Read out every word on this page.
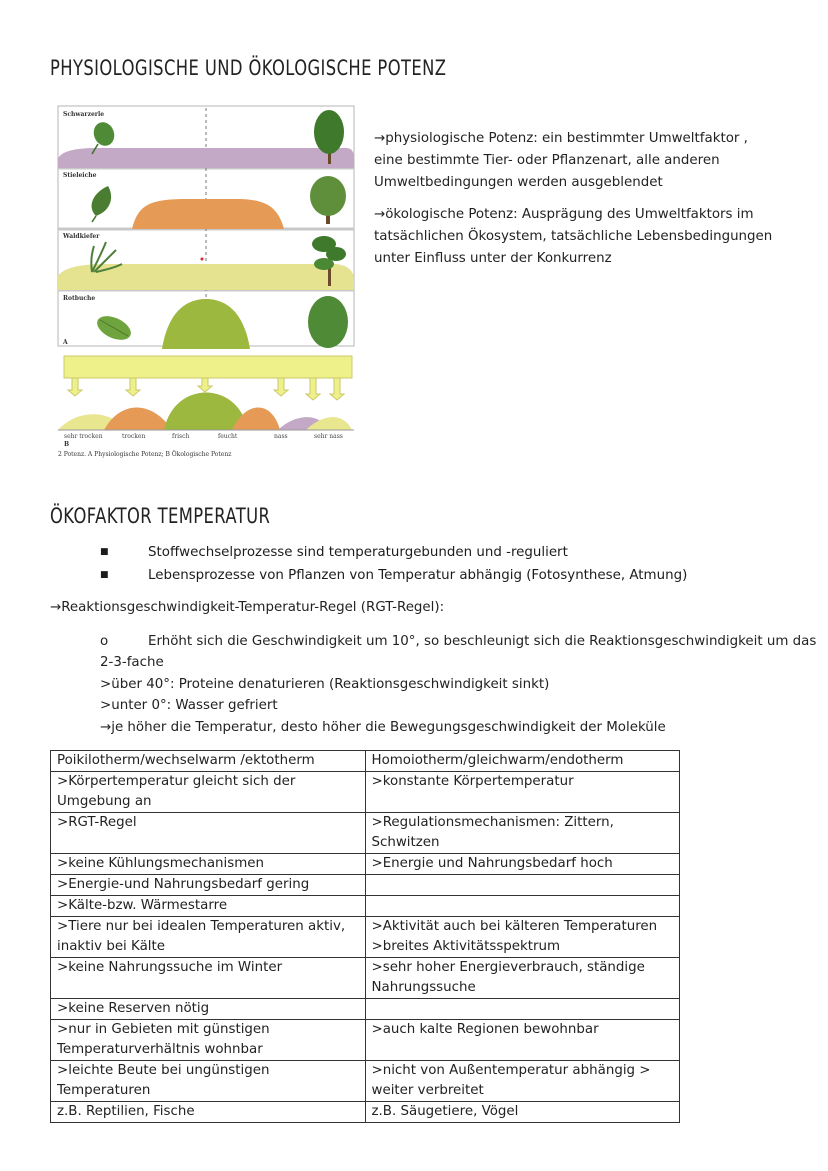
PHYSIOLOGISCHE UND ÖKOLOGISCHE POTENZ
Schwarzerle
Stieleiche
Waldkiefer
Rotbuche
A
sehr trocken	trocken	frisch	feucht	nass	sehr nass
B
2 Potenz. A Physiologische Potenz; B Ökologische Potenz

→physiologische Potenz: ein bestimmter Umweltfaktor , eine bestimmte Tier- oder Pflanzenart, alle anderen Umweltbedingungen werden ausgeblendet

→ökologische Potenz: Ausprägung des Umweltfaktors im tatsächlichen Ökosystem, tatsächliche Lebensbedingungen unter Einfluss unter der Konkurrenz

ÖKOFAKTOR TEMPERATUR
■	Stoffwechselprozesse sind temperaturgebunden und -reguliert
■	Lebensprozesse von Pflanzen von Temperatur abhängig (Fotosynthese, Atmung)
→Reaktionsgeschwindigkeit-Temperatur-Regel (RGT-Regel):
o	Erhöht sich die Geschwindigkeit um 10°, so beschleunigt sich die Reaktionsgeschwindigkeit um das
2-3-fache
>über 40°: Proteine denaturieren (Reaktionsgeschwindigkeit sinkt)
>unter 0°: Wasser gefriert
→je höher die Temperatur, desto höher die Bewegungsgeschwindigkeit der Moleküle
Poikilotherm/wechselwarm /ektotherm	Homoiotherm/gleichwarm/endotherm
>Körpertemperatur gleicht sich der Umgebung an	>konstante Körpertemperatur
>RGT-Regel	>Regulationsmechanismen: Zittern, Schwitzen
>keine Kühlungsmechanismen	>Energie und Nahrungsbedarf hoch
>Energie-und Nahrungsbedarf gering	
>Kälte-bzw. Wärmestarre	
>Tiere nur bei idealen Temperaturen aktiv, inaktiv bei Kälte	>Aktivität auch bei kälteren Temperaturen >breites Aktivitätsspektrum
>keine Nahrungssuche im Winter	>sehr hoher Energieverbrauch, ständige Nahrungssuche
>keine Reserven nötig	
>nur in Gebieten mit günstigen Temperaturverhältnis wohnbar	>auch kalte Regionen bewohnbar
>leichte Beute bei ungünstigen Temperaturen	>nicht von Außentemperatur abhängig > weiter verbreitet
z.B. Reptilien, Fische	z.B. Säugetiere, Vögel
